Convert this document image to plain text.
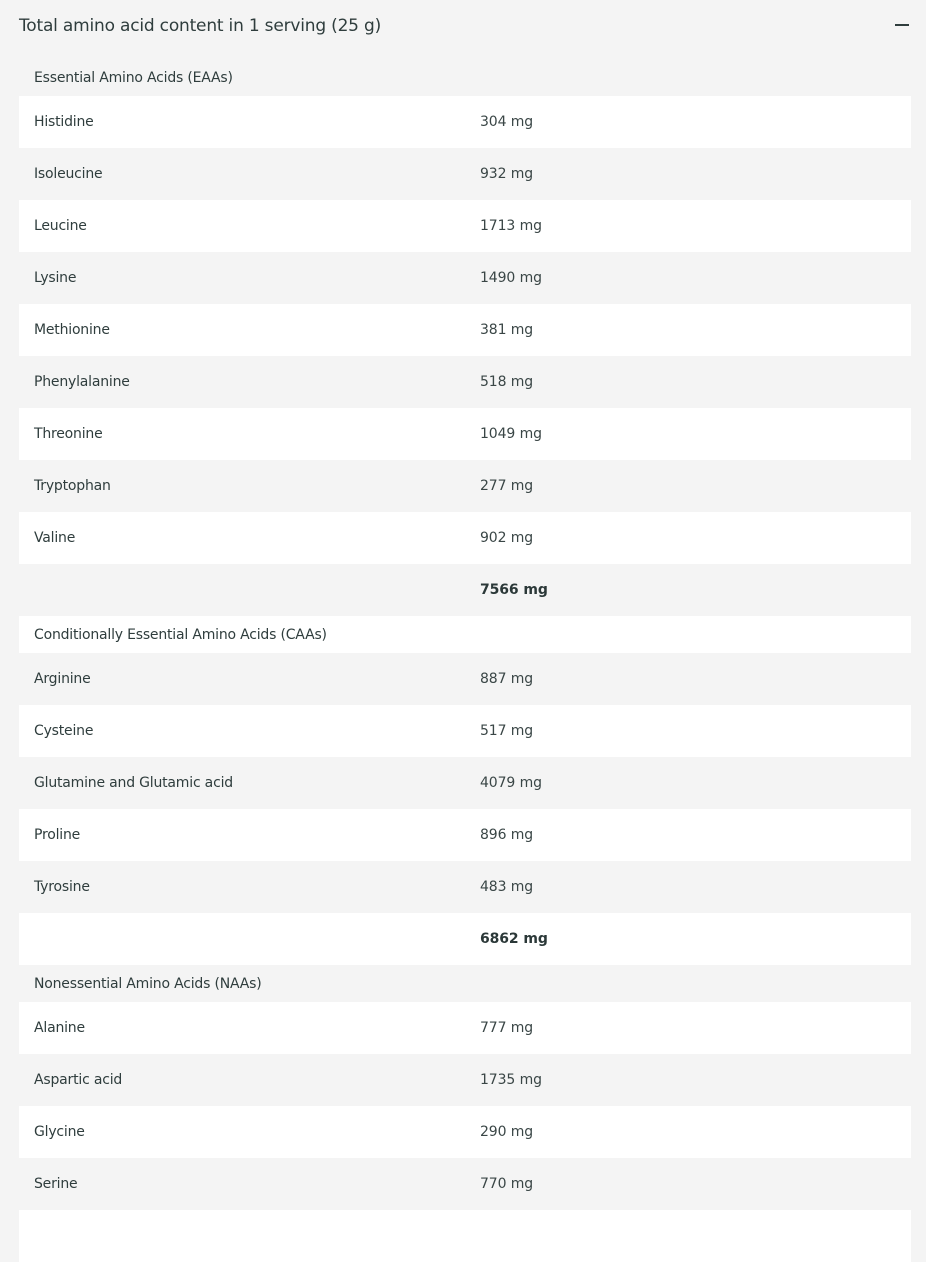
Total amino acid content in 1 serving (25 g)
Essential Amino Acids (EAAs)
Histidine	304 mg
Isoleucine	932 mg
Leucine	1713 mg
Lysine	1490 mg
Methionine	381 mg
Phenylalanine	518 mg
Threonine	1049 mg
Tryptophan	277 mg
Valine	902 mg
7566 mg
Conditionally Essential Amino Acids (CAAs)
Arginine	887 mg
Cysteine	517 mg
Glutamine and Glutamic acid	4079 mg
Proline	896 mg
Tyrosine	483 mg
6862 mg
Nonessential Amino Acids (NAAs)
Alanine	777 mg
Aspartic acid	1735 mg
Glycine	290 mg
Serine	770 mg
